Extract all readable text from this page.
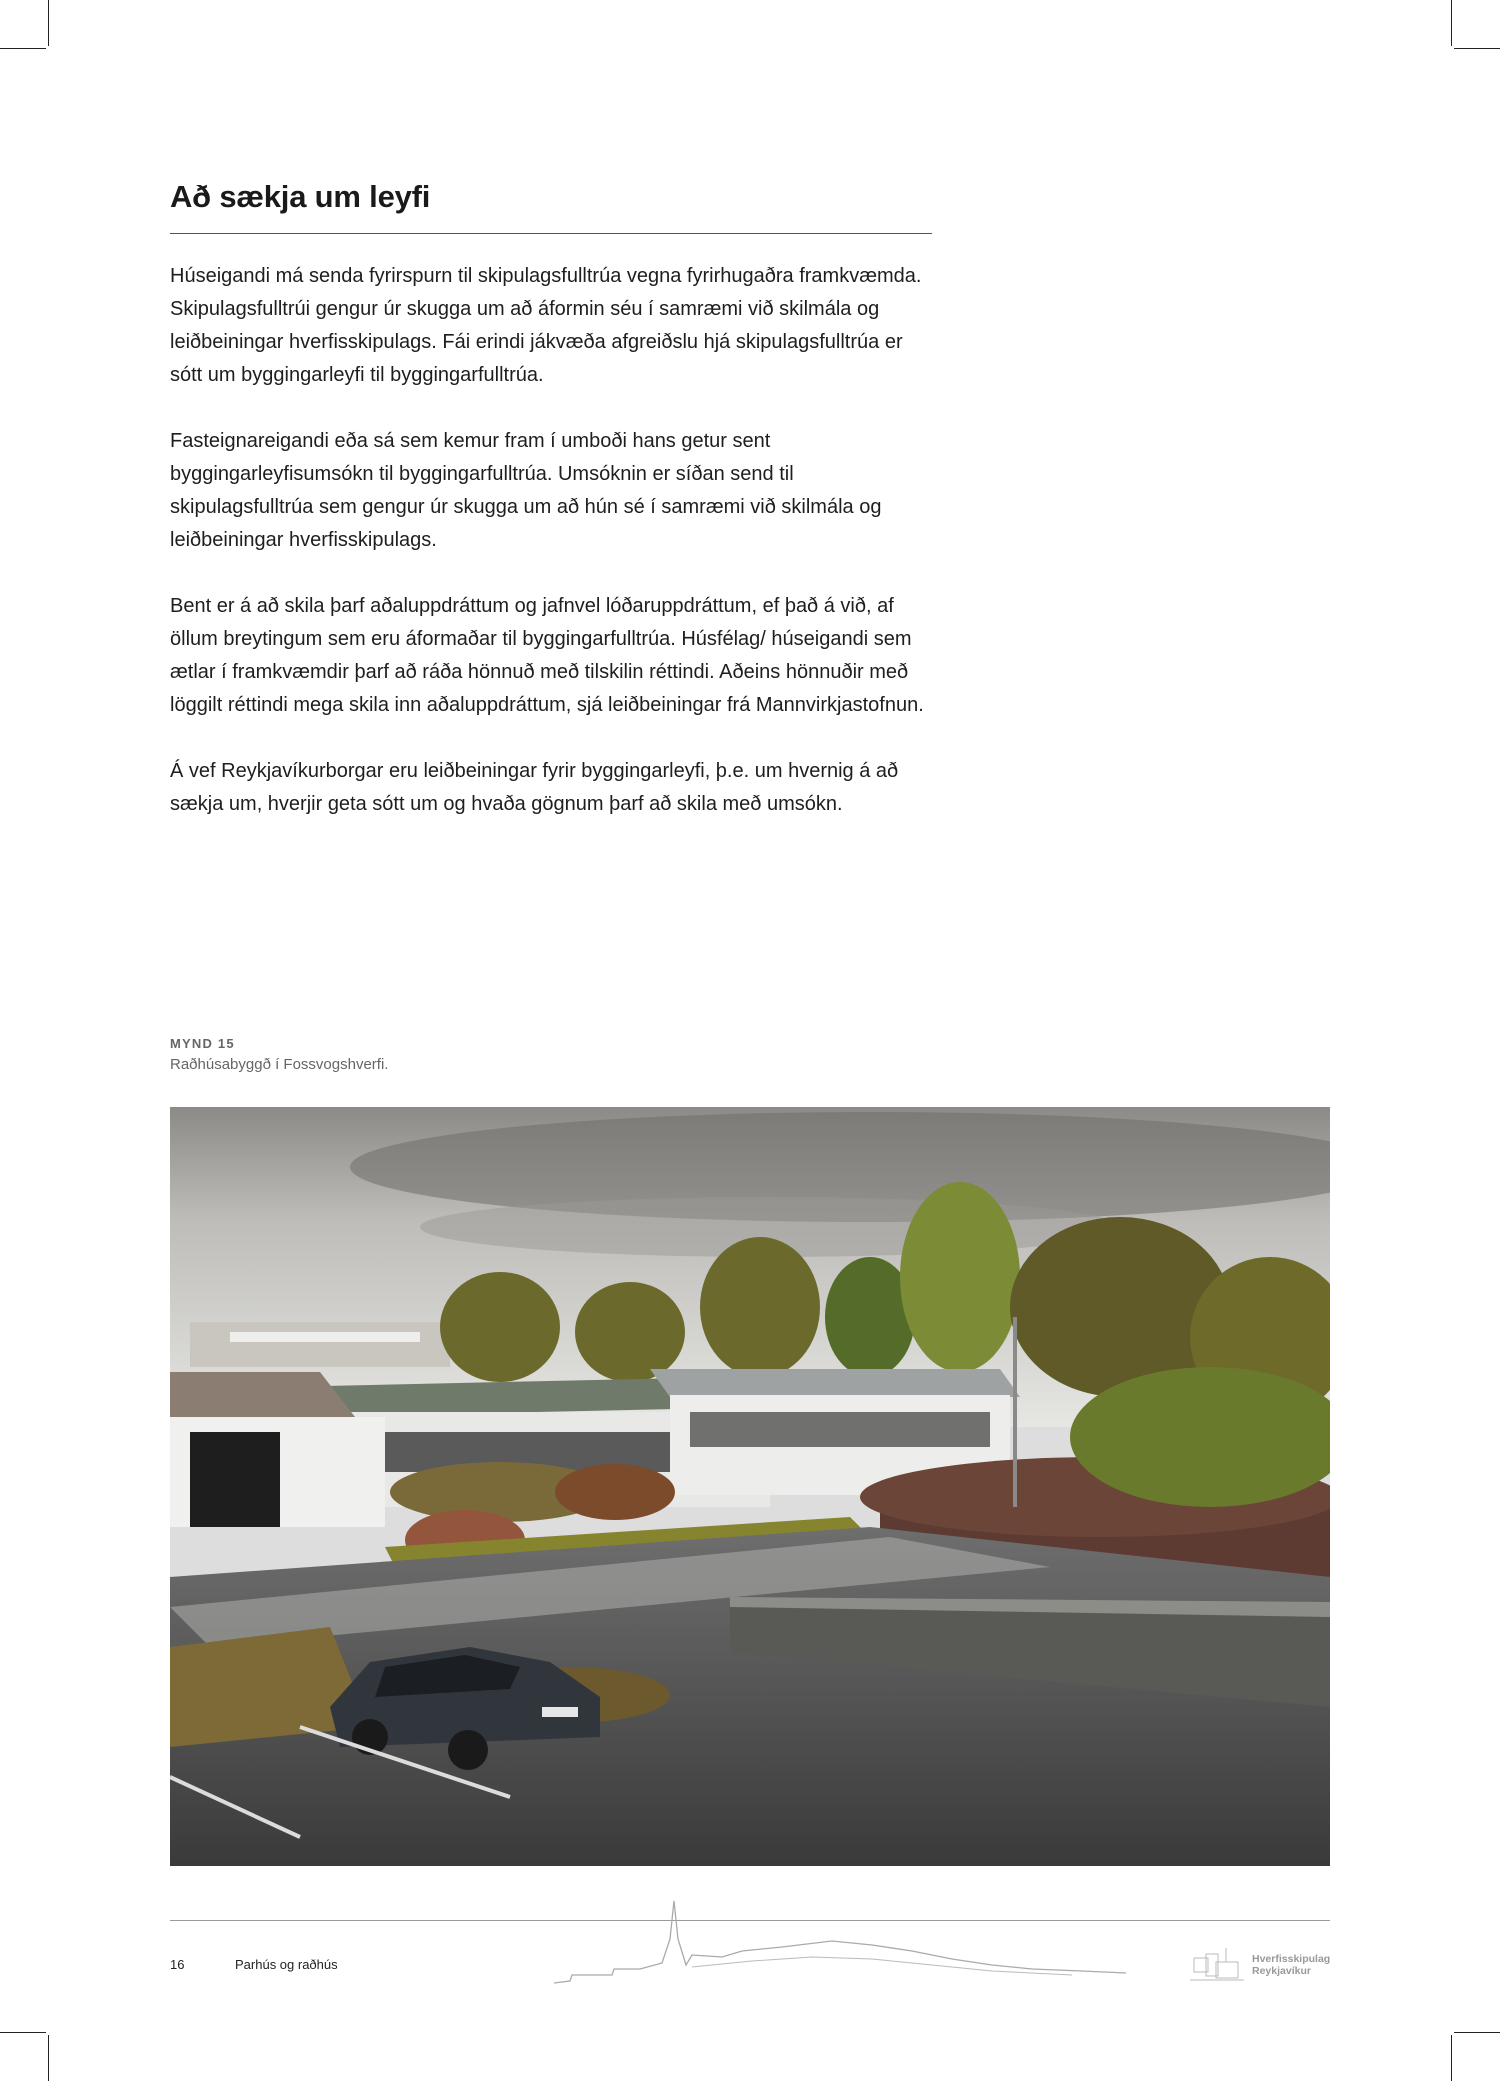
Að sækja um leyfi

Húseigandi má senda fyrirspurn til skipulagsfulltrúa vegna fyrirhugaðra framkvæmda. Skipulagsfulltrúi gengur úr skugga um að áformin séu í samræmi við skilmála og leiðbeiningar hverfisskipulags. Fái erindi jákvæða afgreiðslu hjá skipulagsfulltrúa er sótt um byggingarleyfi til byggingarfulltrúa.

Fasteignareigandi eða sá sem kemur fram í umboði hans getur sent byggingarleyfisumsókn til byggingarfulltrúa. Umsóknin er síðan send til skipulagsfulltrúa sem gengur úr skugga um að hún sé í samræmi við skilmála og leiðbeiningar hverfisskipulags.

Bent er á að skila þarf aðaluppdráttum og jafnvel lóðaruppdráttum, ef það á við, af öllum breytingum sem eru áformaðar til byggingarfulltrúa. Húsfélag/ húseigandi sem ætlar í framkvæmdir þarf að ráða hönnuð með tilskilin réttindi. Aðeins hönnuðir með löggilt réttindi mega skila inn aðaluppdráttum, sjá leiðbeiningar frá Mannvirkjastofnun.

Á vef Reykjavíkurborgar eru leiðbeiningar fyrir byggingarleyfi, þ.e. um hvernig á að sækja um, hverjir geta sótt um og hvaða gögnum þarf að skila með umsókn.

MYND 15
Raðhúsabyggð í Fossvogshverfi.
16	Parhús og raðhús	Hverfisskipulag
Reykjavíkur
